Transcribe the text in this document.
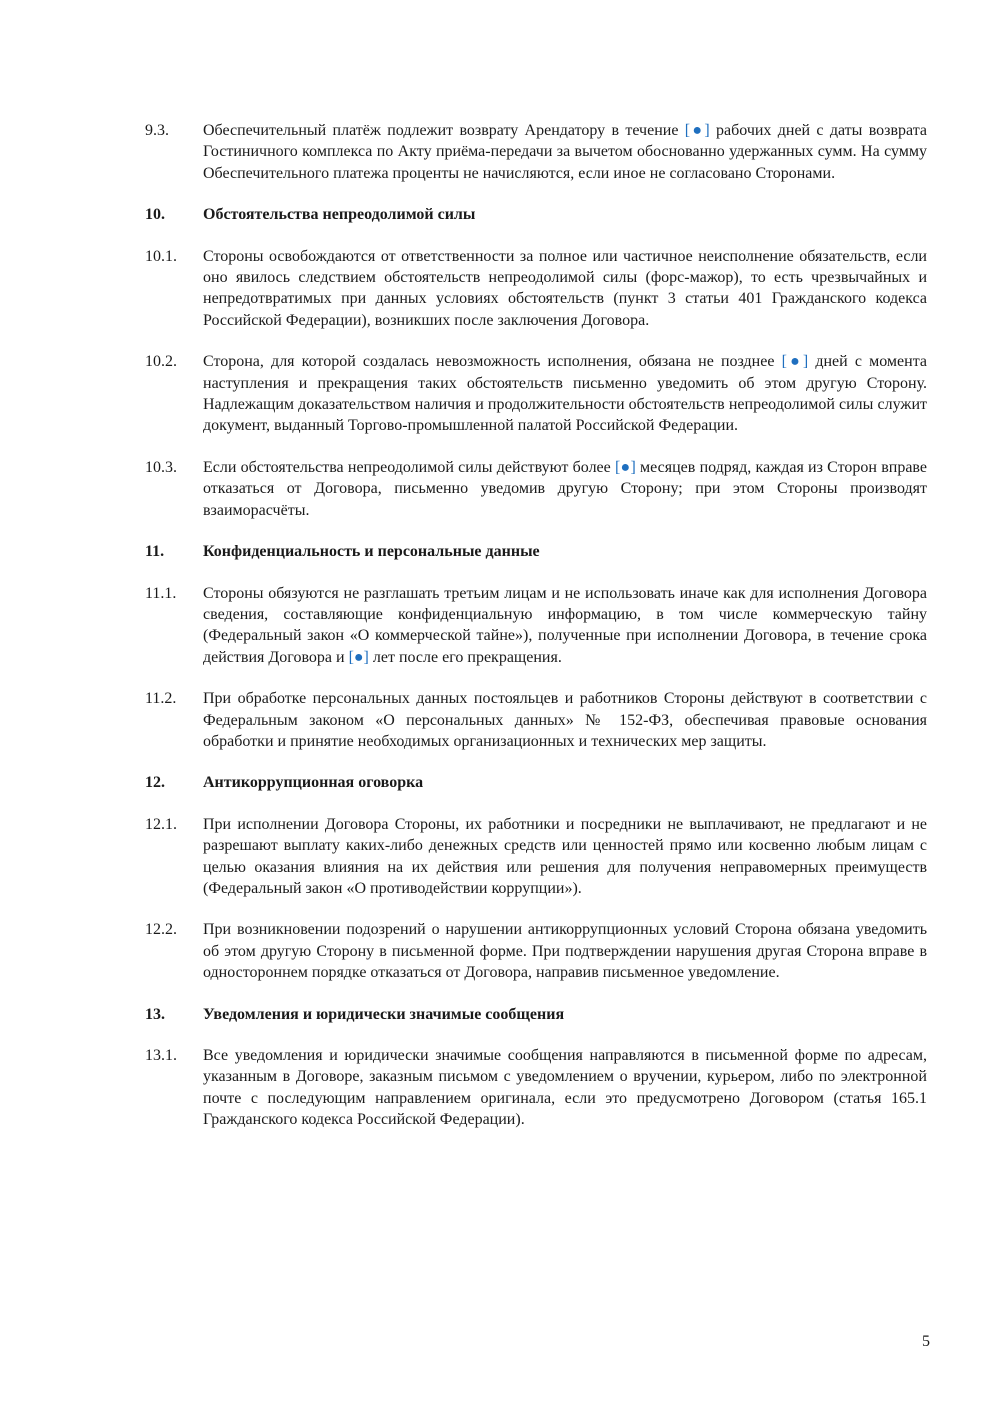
9.3.	Обеспечительный платёж подлежит возврату Арендатору в течение [●] рабочих дней с даты возврата Гостиничного комплекса по Акту приёма-передачи за вычетом обоснованно удержанных сумм. На сумму Обеспечительного платежа проценты не начисляются, если иное не согласовано Сторонами.
10.	Обстоятельства непреодолимой силы
10.1.	Стороны освобождаются от ответственности за полное или частичное неисполнение обязательств, если оно явилось следствием обстоятельств непреодолимой силы (форс-мажор), то есть чрезвычайных и непредотвратимых при данных условиях обстоятельств (пункт 3 статьи 401 Гражданского кодекса Российской Федерации), возникших после заключения Договора.
10.2.	Сторона, для которой создалась невозможность исполнения, обязана не позднее [●] дней с момента наступления и прекращения таких обстоятельств письменно уведомить об этом другую Сторону. Надлежащим доказательством наличия и продолжительности обстоятельств непреодолимой силы служит документ, выданный Торгово-промышленной палатой Российской Федерации.
10.3.	Если обстоятельства непреодолимой силы действуют более [●] месяцев подряд, каждая из Сторон вправе отказаться от Договора, письменно уведомив другую Сторону; при этом Стороны производят взаиморасчёты.
11.	Конфиденциальность и персональные данные
11.1.	Стороны обязуются не разглашать третьим лицам и не использовать иначе как для исполнения Договора сведения, составляющие конфиденциальную информацию, в том числе коммерческую тайну (Федеральный закон «О коммерческой тайне»), полученные при исполнении Договора, в течение срока действия Договора и [●] лет после его прекращения.
11.2.	При обработке персональных данных постояльцев и работников Стороны действуют в соответствии с Федеральным законом «О персональных данных» № 152-ФЗ, обеспечивая правовые основания обработки и принятие необходимых организационных и технических мер защиты.
12.	Антикоррупционная оговорка
12.1.	При исполнении Договора Стороны, их работники и посредники не выплачивают, не предлагают и не разрешают выплату каких-либо денежных средств или ценностей прямо или косвенно любым лицам с целью оказания влияния на их действия или решения для получения неправомерных преимуществ (Федеральный закон «О противодействии коррупции»).
12.2.	При возникновении подозрений о нарушении антикоррупционных условий Сторона обязана уведомить об этом другую Сторону в письменной форме. При подтверждении нарушения другая Сторона вправе в одностороннем порядке отказаться от Договора, направив письменное уведомление.
13.	Уведомления и юридически значимые сообщения
13.1.	Все уведомления и юридически значимые сообщения направляются в письменной форме по адресам, указанным в Договоре, заказным письмом с уведомлением о вручении, курьером, либо по электронной почте с последующим направлением оригинала, если это предусмотрено Договором (статья 165.1 Гражданского кодекса Российской Федерации).
5
